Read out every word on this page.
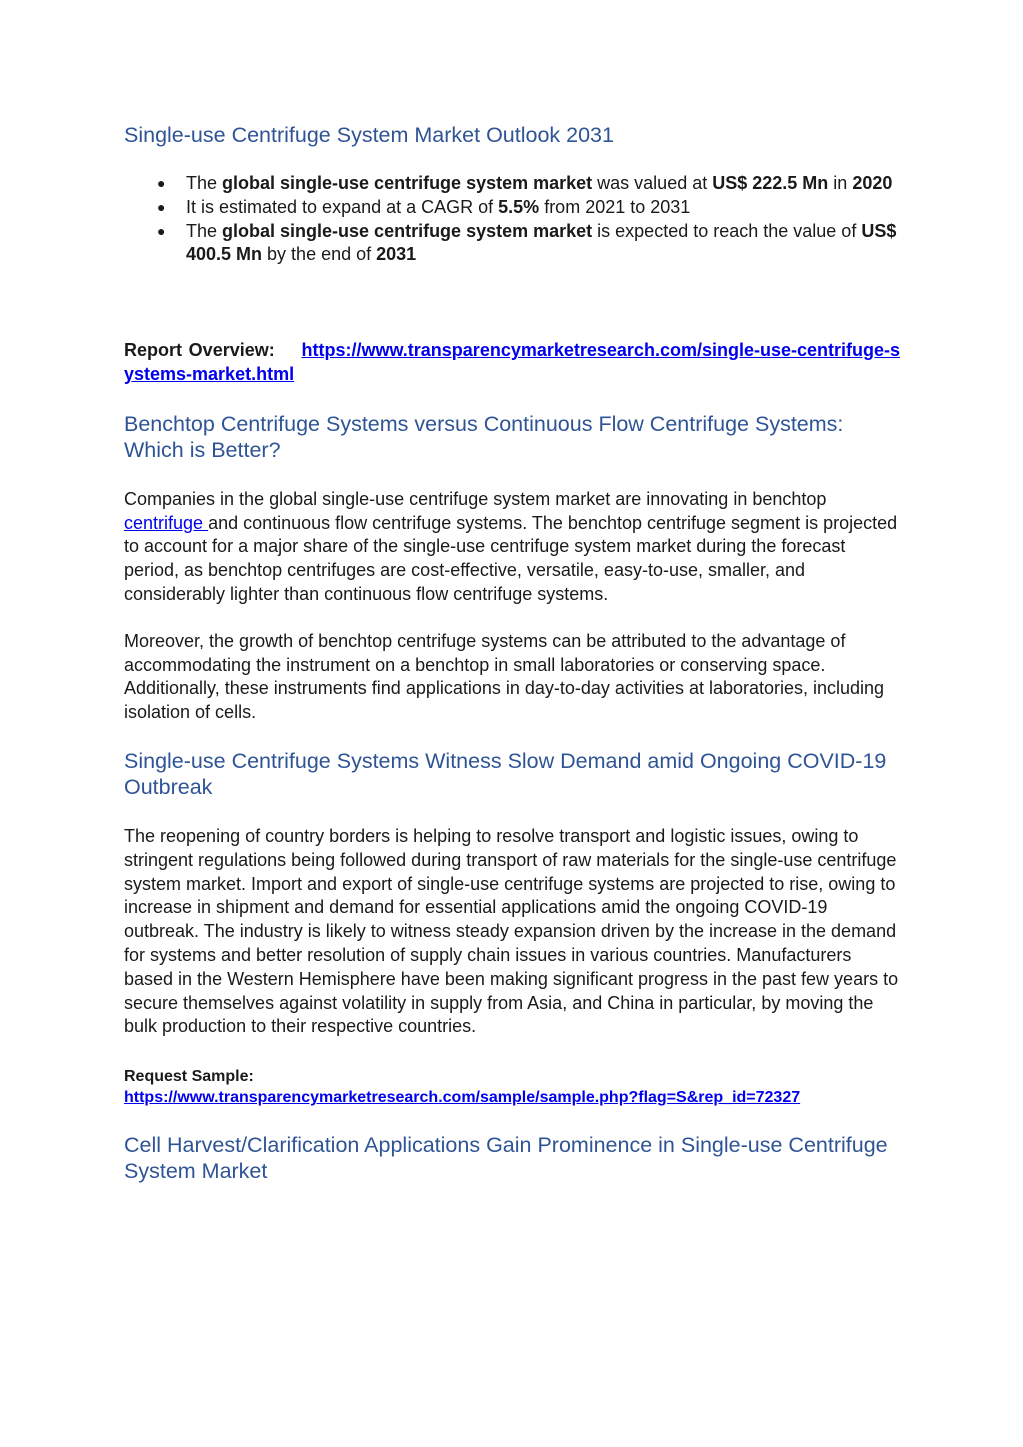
Single-use Centrifuge System Market Outlook 2031
● The global single-use centrifuge system market was valued at US$ 222.5 Mn in 2020
● It is estimated to expand at a CAGR of 5.5% from 2021 to 2031
● The global single-use centrifuge system market is expected to reach the value of US$ 400.5 Mn by the end of 2031

Report Overview: https://www.transparencymarketresearch.com/single-use-centrifuge-systems-market.html

Benchtop Centrifuge Systems versus Continuous Flow Centrifuge Systems: Which is Better?

Companies in the global single-use centrifuge system market are innovating in benchtop centrifuge and continuous flow centrifuge systems. The benchtop centrifuge segment is projected to account for a major share of the single-use centrifuge system market during the forecast period, as benchtop centrifuges are cost-effective, versatile, easy-to-use, smaller, and considerably lighter than continuous flow centrifuge systems.

Moreover, the growth of benchtop centrifuge systems can be attributed to the advantage of accommodating the instrument on a benchtop in small laboratories or conserving space. Additionally, these instruments find applications in day-to-day activities at laboratories, including isolation of cells.

Single-use Centrifuge Systems Witness Slow Demand amid Ongoing COVID-19 Outbreak

The reopening of country borders is helping to resolve transport and logistic issues, owing to stringent regulations being followed during transport of raw materials for the single-use centrifuge system market. Import and export of single-use centrifuge systems are projected to rise, owing to increase in shipment and demand for essential applications amid the ongoing COVID-19 outbreak. The industry is likely to witness steady expansion driven by the increase in the demand for systems and better resolution of supply chain issues in various countries. Manufacturers based in the Western Hemisphere have been making significant progress in the past few years to secure themselves against volatility in supply from Asia, and China in particular, by moving the bulk production to their respective countries.

Request Sample:
https://www.transparencymarketresearch.com/sample/sample.php?flag=S&rep_id=72327

Cell Harvest/Clarification Applications Gain Prominence in Single-use Centrifuge System Market
